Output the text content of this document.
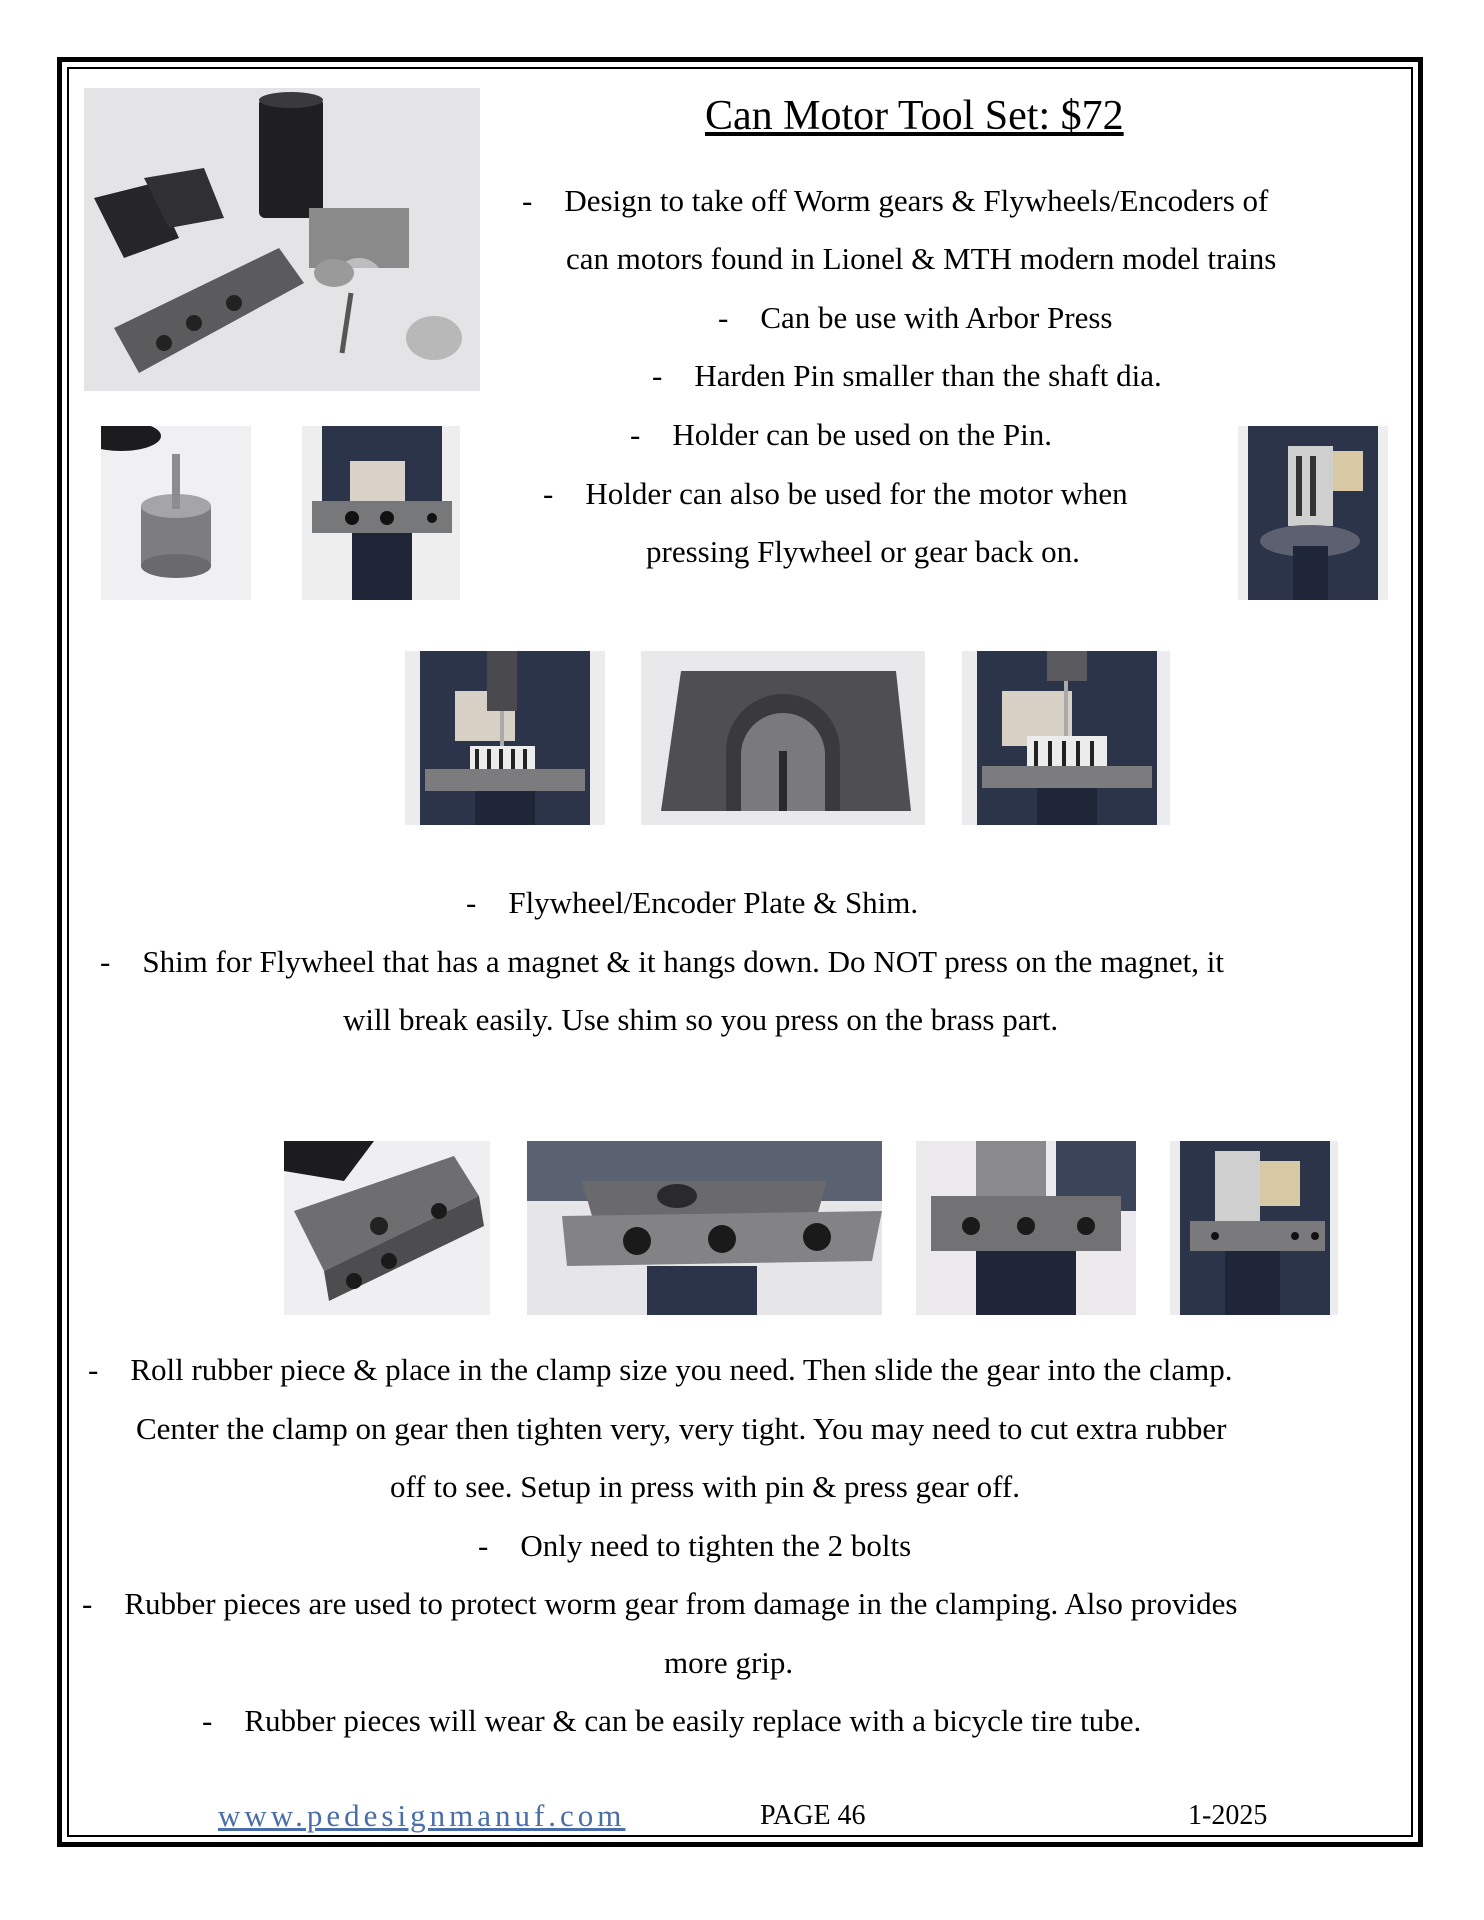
Can Motor Tool Set: $72
- Design to take off Worm gears & Flywheels/Encoders of
can motors found in Lionel & MTH modern model trains
- Can be use with Arbor Press
- Harden Pin smaller than the shaft dia.
- Holder can be used on the Pin.
- Holder can also be used for the motor when
pressing Flywheel or gear back on.
- Flywheel/Encoder Plate & Shim.
- Shim for Flywheel that has a magnet & it hangs down. Do NOT press on the magnet, it
will break easily. Use shim so you press on the brass part.
- Roll rubber piece & place in the clamp size you need. Then slide the gear into the clamp.
Center the clamp on gear then tighten very, very tight. You may need to cut extra rubber
off to see. Setup in press with pin & press gear off.
- Only need to tighten the 2 bolts
- Rubber pieces are used to protect worm gear from damage in the clamping. Also provides
more grip.
- Rubber pieces will wear & can be easily replace with a bicycle tire tube.
www.pedesignmanuf.com	PAGE 46	1-2025
